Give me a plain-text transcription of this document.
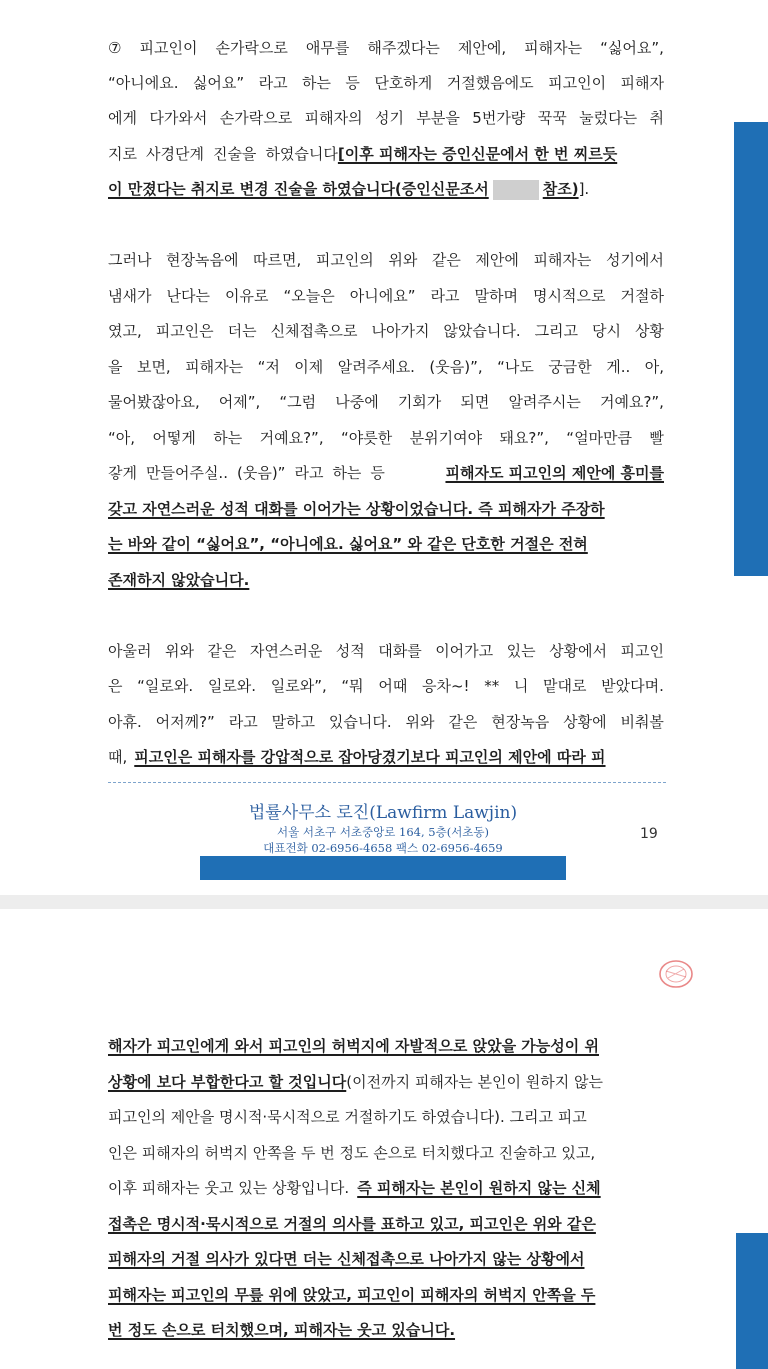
⑦ 피고인이 손가락으로 애무를 해주겠다는 제안에, 피해자는 “싫어요”,
“아니에요. 싫어요” 라고 하는 등 단호하게 거절했음에도 피고인이 피해자
에게 다가와서 손가락으로 피해자의 성기 부분을 5번가량 꾹꾹 눌렀다는 취
지로 사경단계 진술을 하였습니다 [이후 피해자는 증인신문에서 한 번 찌르듯
이 만졌다는 취지로 변경 진술을 하였습니다(증인신문조서	참조) ].
그러나 현장녹음에 따르면, 피고인의 위와 같은 제안에 피해자는 성기에서
냄새가 난다는 이유로 “오늘은 아니에요” 라고 말하며 명시적으로 거절하
였고, 피고인은 더는 신체접촉으로 나아가지 않았습니다. 그리고 당시 상황
을 보면, 피해자는 “저 이제 알려주세요. (웃음)”, “나도 궁금한 게.. 아,
물어봤잖아요, 어제”, “그럼 나중에 기회가 되면 알려주시는 거예요?”,
“아, 어떻게 하는 거예요?”, “야릇한 분위기여야 돼요?”, “얼마만큼 빨
갛게 만들어주실.. (웃음)” 라고 하는 등	피해자도 피고인의 제안에 흥미를
갖고 자연스러운 성적 대화를 이어가는 상황이었습니다. 즉 피해자가 주장하
는 바와 같이 “싫어요”, “아니에요. 싫어요” 와 같은 단호한 거절은 전혀
존재하지 않았습니다.
아울러 위와 같은 자연스러운 성적 대화를 이어가고 있는 상황에서 피고인
은 “일로와. 일로와. 일로와”, “뭐 어때 응차~! ** 니 맡대로 받았다며.
아휴. 어저께?” 라고 말하고 있습니다. 위와 같은 현장녹음 상황에 비춰볼
때, 피고인은 피해자를 강압적으로 잡아당겼기보다 피고인의 제안에 따라 피
법률사무소 로진(Lawfirm Lawjin)
서울 서초구 서초중앙로 164, 5층(서초동)
대표전화 02-6956-4658 팩스 02-6956-4659
19
해자가 피고인에게 와서 피고인의 허벅지에 자발적으로 앉았을 가능성이 위
상황에 보다 부합한다고 할 것입니다 (이전까지 피해자는 본인이 원하지 않는
피고인의 제안을 명시적·묵시적으로 거절하기도 하였습니다). 그리고 피고
인은 피해자의 허벅지 안쪽을 두 번 정도 손으로 터치했다고 진술하고 있고,
이후 피해자는 웃고 있는 상황입니다. 즉 피해자는 본인이 원하지 않는 신체
접촉은 명시적·묵시적으로 거절의 의사를 표하고 있고, 피고인은 위와 같은
피해자의 거절 의사가 있다면 더는 신체접촉으로 나아가지 않는 상황에서
피해자는 피고인의 무릎 위에 앉았고, 피고인이 피해자의 허벅지 안쪽을 두
번 정도 손으로 터치했으며, 피해자는 웃고 있습니다.
